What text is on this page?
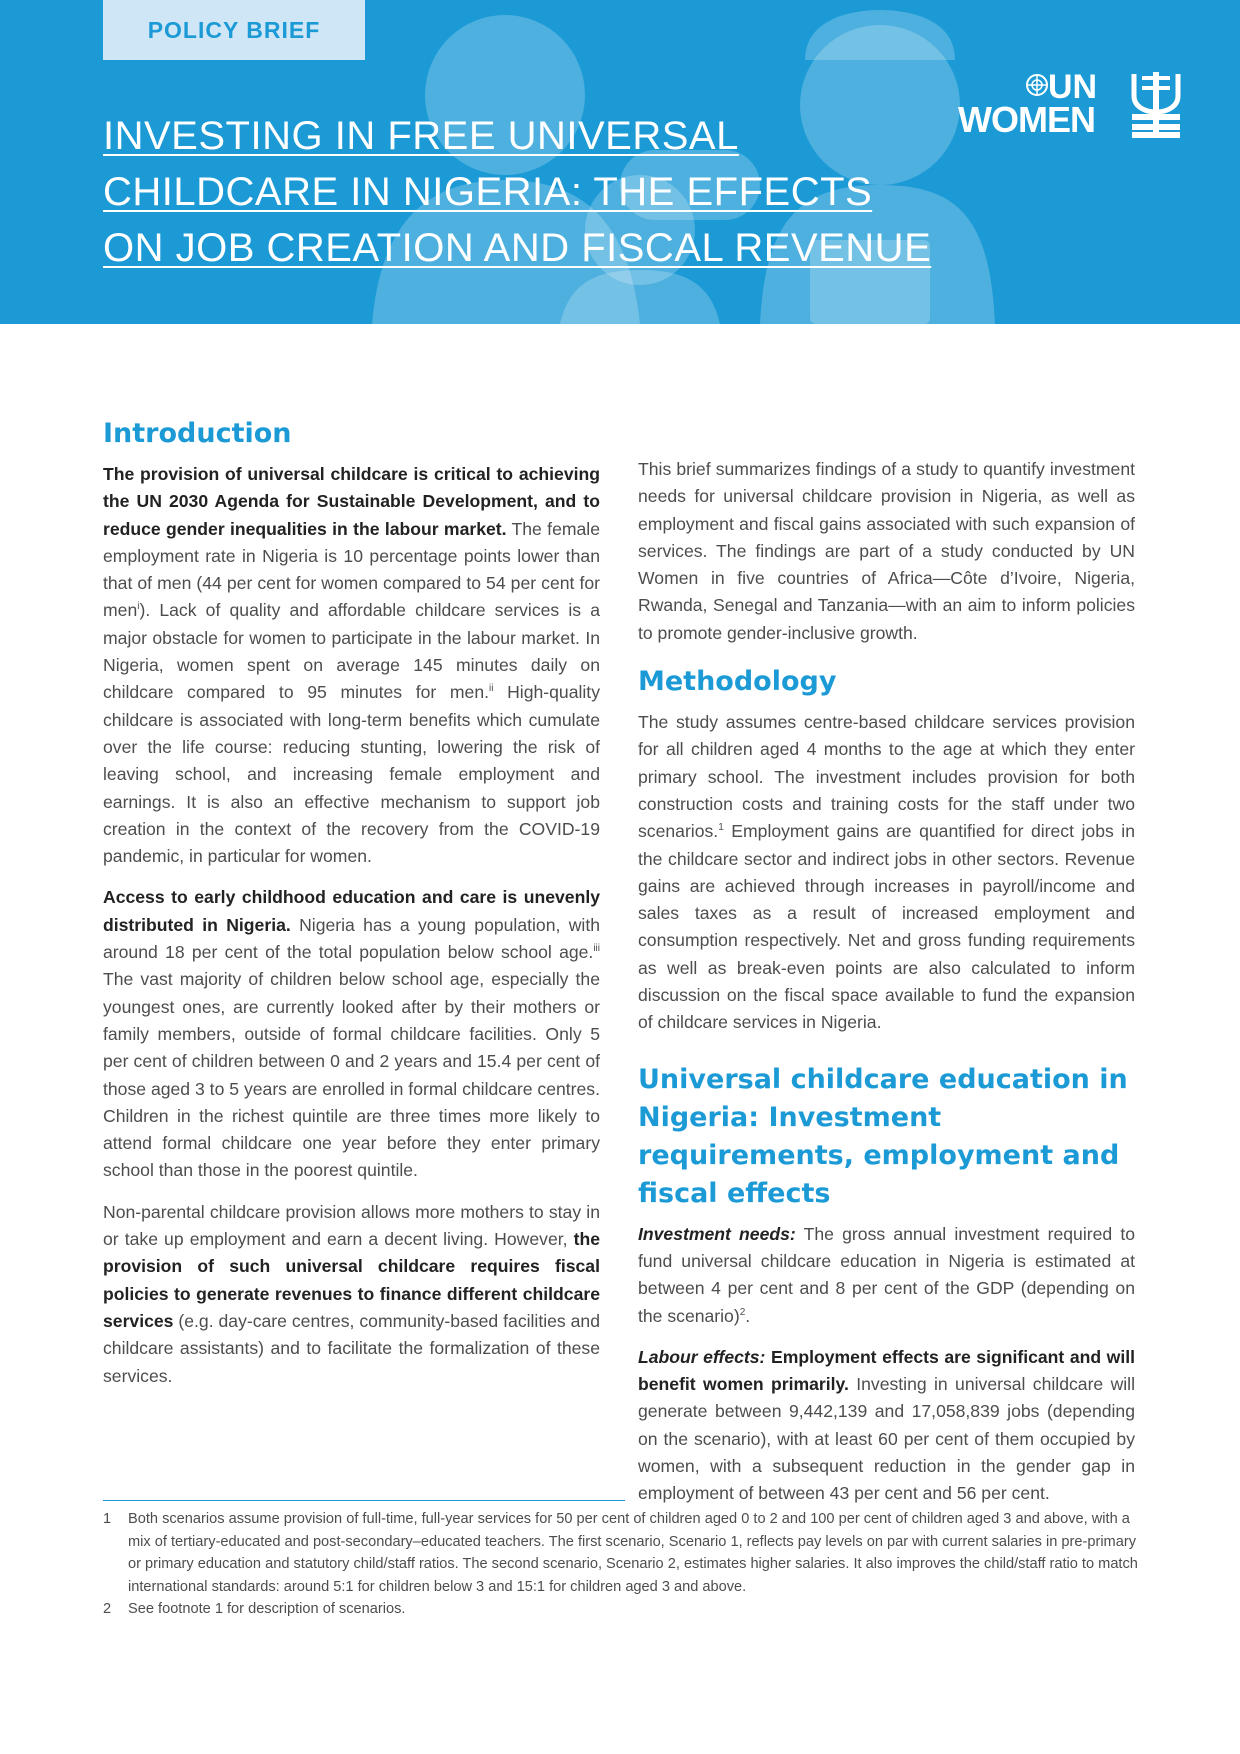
POLICY BRIEF
INVESTING IN FREE UNIVERSAL
CHILDCARE IN NIGERIA: THE EFFECTS
ON JOB CREATION AND FISCAL REVENUE
UN
WOMEN
Introduction

The provision of universal childcare is critical to achieving the UN 2030 Agenda for Sustainable Development, and to reduce gender inequalities in the labour market. The female employment rate in Nigeria is 10 percentage points lower than that of men (44 per cent for women compared to 54 per cent for men$^i$). Lack of quality and affordable childcare services is a major obstacle for women to participate in the labour market. In Nigeria, women spent on average 145 minutes daily on childcare compared to 95 minutes for men.$^{ii}$ High-quality childcare is associated with long-term benefits which cumulate over the life course: reducing stunting, lowering the risk of leaving school, and increasing female employment and earnings. It is also an effective mechanism to support job creation in the context of the recovery from the COVID-19 pandemic, in particular for women.

Access to early childhood education and care is unevenly distributed in Nigeria. Nigeria has a young population, with around 18 per cent of the total population below school age.$^{iii}$ The vast majority of children below school age, especially the youngest ones, are currently looked after by their mothers or family members, outside of formal childcare facilities. Only 5 per cent of children between 0 and 2 years and 15.4 per cent of those aged 3 to 5 years are enrolled in formal childcare centres. Children in the richest quintile are three times more likely to attend formal childcare one year before they enter primary school than those in the poorest quintile.

Non-parental childcare provision allows more mothers to stay in or take up employment and earn a decent living. However, the provision of such universal childcare requires fiscal policies to generate revenues to finance different childcare services (e.g. day-care centres, community-based facilities and childcare assistants) and to facilitate the formalization of these services.

This brief summarizes findings of a study to quantify investment needs for universal childcare provision in Nigeria, as well as employment and fiscal gains associated with such expansion of services. The findings are part of a study conducted by UN Women in five countries of Africa—Côte d’Ivoire, Nigeria, Rwanda, Senegal and Tanzania—with an aim to inform policies to promote gender-inclusive growth.

Methodology

The study assumes centre-based childcare services provision for all children aged 4 months to the age at which they enter primary school. The investment includes provision for both construction costs and training costs for the staff under two scenarios.$^1$ Employment gains are quantified for direct jobs in the childcare sector and indirect jobs in other sectors. Revenue gains are achieved through increases in payroll/income and sales taxes as a result of increased employment and consumption respectively. Net and gross funding requirements as well as break-even points are also calculated to inform discussion on the fiscal space available to fund the expansion of childcare services in Nigeria.

Universal childcare education in Nigeria: Investment requirements, employment and fiscal effects

Investment needs: The gross annual investment required to fund universal childcare education in Nigeria is estimated at between 4 per cent and 8 per cent of the GDP (depending on the scenario)$^2$.

Labour effects: Employment effects are significant and will benefit women primarily. Investing in universal childcare will generate between 9,442,139 and 17,058,839 jobs (depending on the scenario), with at least 60 per cent of them occupied by women, with a subsequent reduction in the gender gap in employment of between 43 per cent and 56 per cent.

1	Both scenarios assume provision of full-time, full-year services for 50 per cent of children aged 0 to 2 and 100 per cent of children aged 3 and above, with a mix of tertiary-educated and post-secondary–educated teachers. The first scenario, Scenario 1, reflects pay levels on par with current salaries in pre-primary or primary education and statutory child/staff ratios. The second scenario, Scenario 2, estimates higher salaries. It also improves the child/staff ratio to match international standards: around 5:1 for children below 3 and 15:1 for children aged 3 and above.
2	See footnote 1 for description of scenarios.
